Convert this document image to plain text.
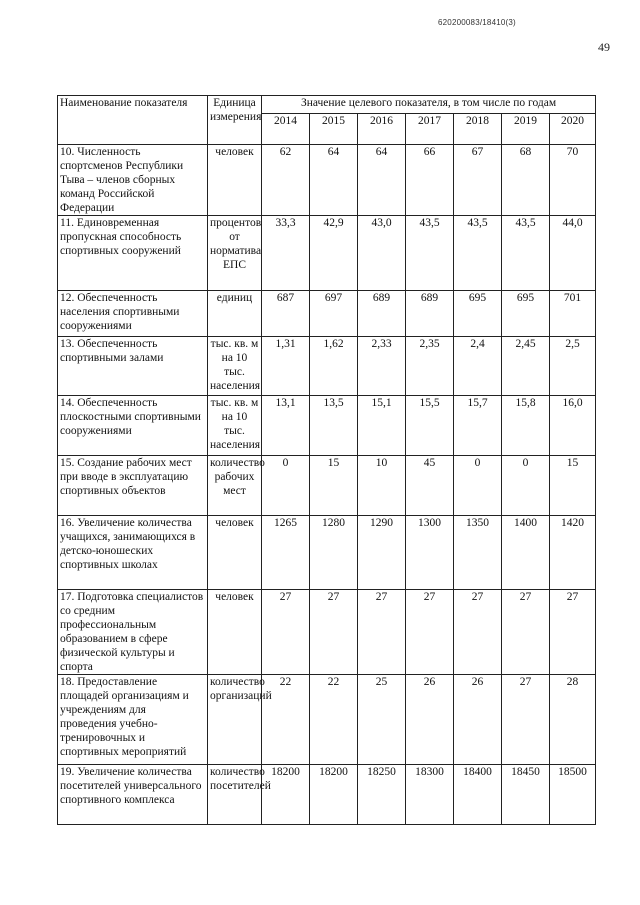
620200083/18410(3)
49
Наименование показателя	Единица измерения	Значение целевого показателя, в том числе по годам						
		2014	2015	2016	2017	2018	2019	2020
10. Численность спортсменов Республики Тыва – членов сборных команд Российской Федерации	человек	62	64	64	66	67	68	70
11. Единовременная пропускная способность спортивных сооружений	процентов от норматива ЕПС	33,3	42,9	43,0	43,5	43,5	43,5	44,0
12. Обеспеченность населения спортивными сооружениями	единиц	687	697	689	689	695	695	701
13. Обеспеченность спортивными залами	тыс. кв. м на 10 тыс. населения	1,31	1,62	2,33	2,35	2,4	2,45	2,5
14. Обеспеченность плоскостными спортивными сооружениями	тыс. кв. м на 10 тыс. населения	13,1	13,5	15,1	15,5	15,7	15,8	16,0
15. Создание рабочих мест при вводе в эксплуатацию спортивных объектов	количество рабочих мест	0	15	10	45	0	0	15
16. Увеличение количества учащихся, занимающихся в детско-юношеских спортивных школах	человек	1265	1280	1290	1300	1350	1400	1420
17. Подготовка специалистов со средним профессиональным образованием в сфере физической культуры и спорта	человек	27	27	27	27	27	27	27
18. Предоставление площадей организациям и учреждениям для проведения учебно-тренировочных и спортивных мероприятий	количество организаций	22	22	25	26	26	27	28
19. Увеличение количества посетителей универсального спортивного комплекса	количество посетителей	18200	18200	18250	18300	18400	18450	18500
